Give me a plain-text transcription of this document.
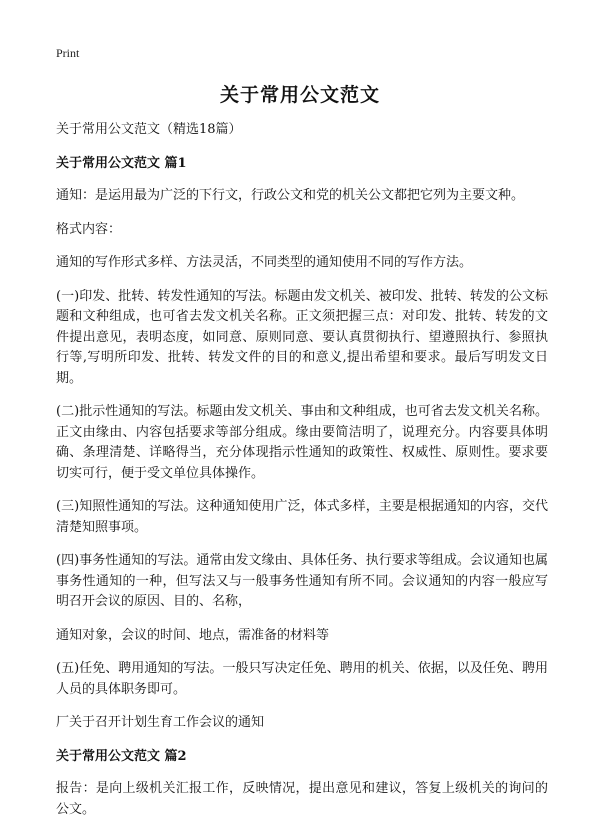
Print
关于常用公文范文

关于常用公文范文（精选18篇）

关于常用公文范文 篇1

通知：是运用最为广泛的下行文，行政公文和党的机关公文都把它列为主要文种。

格式内容：

通知的写作形式多样、方法灵活，不同类型的通知使用不同的写作方法。

(一)印发、批转、转发性通知的写法。标题由发文机关、被印发、批转、转发的公文标题和文种组成，也可省去发文机关名称。正文须把握三点：对印发、批转、转发的文件提出意见，表明态度，如同意、原则同意、要认真贯彻执行、望遵照执行、参照执行等,写明所印发、批转、转发文件的目的和意义,提出希望和要求。最后写明发文日期。

(二)批示性通知的写法。标题由发文机关、事由和文种组成，也可省去发文机关名称。正文由缘由、内容包括要求等部分组成。缘由要简洁明了，说理充分。内容要具体明确、条理清楚、详略得当，充分体现指示性通知的政策性、权威性、原则性。要求要切实可行，便于受文单位具体操作。

(三)知照性通知的写法。这种通知使用广泛，体式多样，主要是根据通知的内容，交代清楚知照事项。

(四)事务性通知的写法。通常由发文缘由、具体任务、执行要求等组成。会议通知也属事务性通知的一种，但写法又与一般事务性通知有所不同。会议通知的内容一般应写明召开会议的原因、目的、名称，

通知对象，会议的时间、地点，需准备的材料等

(五)任免、聘用通知的写法。一般只写决定任免、聘用的机关、依据，以及任免、聘用人员的具体职务即可。

厂关于召开计划生育工作会议的通知

关于常用公文范文 篇2

报告：是向上级机关汇报工作，反映情况，提出意见和建议，答复上级机关的询问的公文。
